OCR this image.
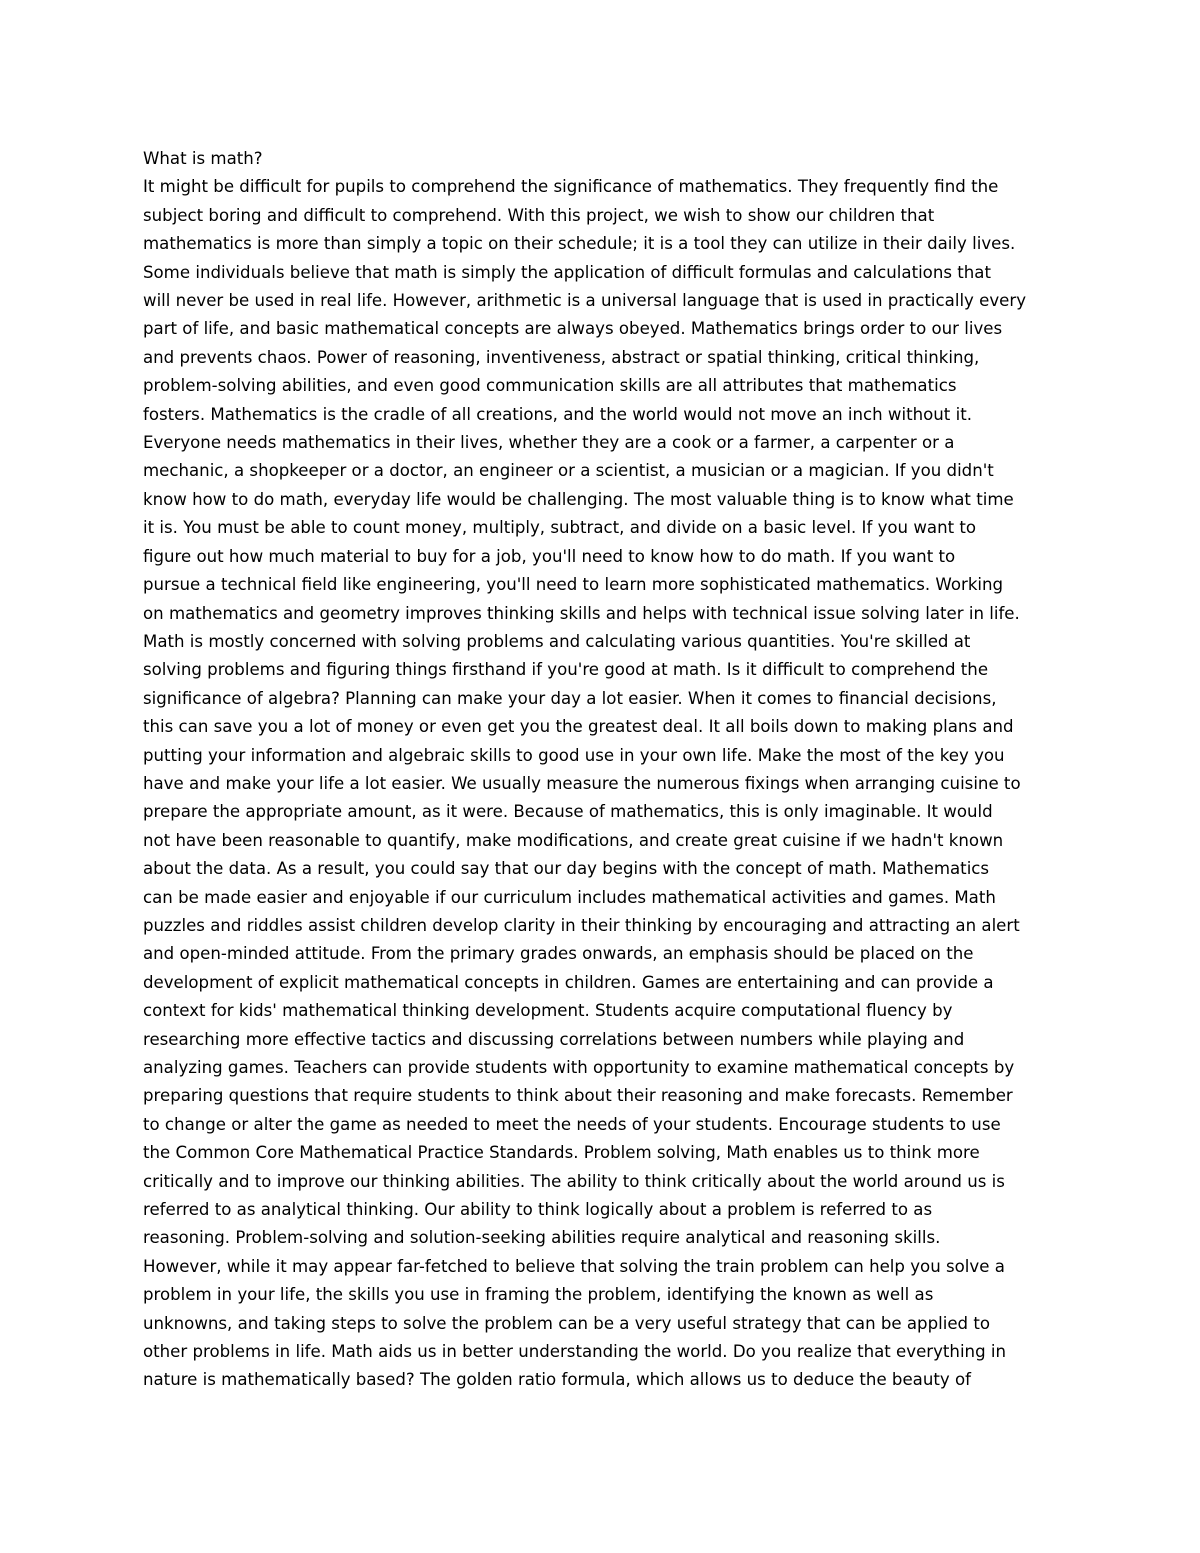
What is math?
It might be difficult for pupils to comprehend the significance of mathematics. They frequently find the
subject boring and difficult to comprehend. With this project, we wish to show our children that
mathematics is more than simply a topic on their schedule; it is a tool they can utilize in their daily lives.
Some individuals believe that math is simply the application of difficult formulas and calculations that
will never be used in real life. However, arithmetic is a universal language that is used in practically every
part of life, and basic mathematical concepts are always obeyed. Mathematics brings order to our lives
and prevents chaos. Power of reasoning, inventiveness, abstract or spatial thinking, critical thinking,
problem-solving abilities, and even good communication skills are all attributes that mathematics
fosters. Mathematics is the cradle of all creations, and the world would not move an inch without it.
Everyone needs mathematics in their lives, whether they are a cook or a farmer, a carpenter or a
mechanic, a shopkeeper or a doctor, an engineer or a scientist, a musician or a magician. If you didn't
know how to do math, everyday life would be challenging. The most valuable thing is to know what time
it is. You must be able to count money, multiply, subtract, and divide on a basic level. If you want to
figure out how much material to buy for a job, you'll need to know how to do math. If you want to
pursue a technical field like engineering, you'll need to learn more sophisticated mathematics. Working
on mathematics and geometry improves thinking skills and helps with technical issue solving later in life.
Math is mostly concerned with solving problems and calculating various quantities. You're skilled at
solving problems and figuring things firsthand if you're good at math. Is it difficult to comprehend the
significance of algebra? Planning can make your day a lot easier. When it comes to financial decisions,
this can save you a lot of money or even get you the greatest deal. It all boils down to making plans and
putting your information and algebraic skills to good use in your own life. Make the most of the key you
have and make your life a lot easier. We usually measure the numerous fixings when arranging cuisine to
prepare the appropriate amount, as it were. Because of mathematics, this is only imaginable. It would
not have been reasonable to quantify, make modifications, and create great cuisine if we hadn't known
about the data. As a result, you could say that our day begins with the concept of math. Mathematics
can be made easier and enjoyable if our curriculum includes mathematical activities and games. Math
puzzles and riddles assist children develop clarity in their thinking by encouraging and attracting an alert
and open-minded attitude. From the primary grades onwards, an emphasis should be placed on the
development of explicit mathematical concepts in children. Games are entertaining and can provide a
context for kids' mathematical thinking development. Students acquire computational fluency by
researching more effective tactics and discussing correlations between numbers while playing and
analyzing games. Teachers can provide students with opportunity to examine mathematical concepts by
preparing questions that require students to think about their reasoning and make forecasts. Remember
to change or alter the game as needed to meet the needs of your students. Encourage students to use
the Common Core Mathematical Practice Standards. Problem solving, Math enables us to think more
critically and to improve our thinking abilities. The ability to think critically about the world around us is
referred to as analytical thinking. Our ability to think logically about a problem is referred to as
reasoning. Problem-solving and solution-seeking abilities require analytical and reasoning skills.
However, while it may appear far-fetched to believe that solving the train problem can help you solve a
problem in your life, the skills you use in framing the problem, identifying the known as well as
unknowns, and taking steps to solve the problem can be a very useful strategy that can be applied to
other problems in life. Math aids us in better understanding the world. Do you realize that everything in
nature is mathematically based? The golden ratio formula, which allows us to deduce the beauty of
